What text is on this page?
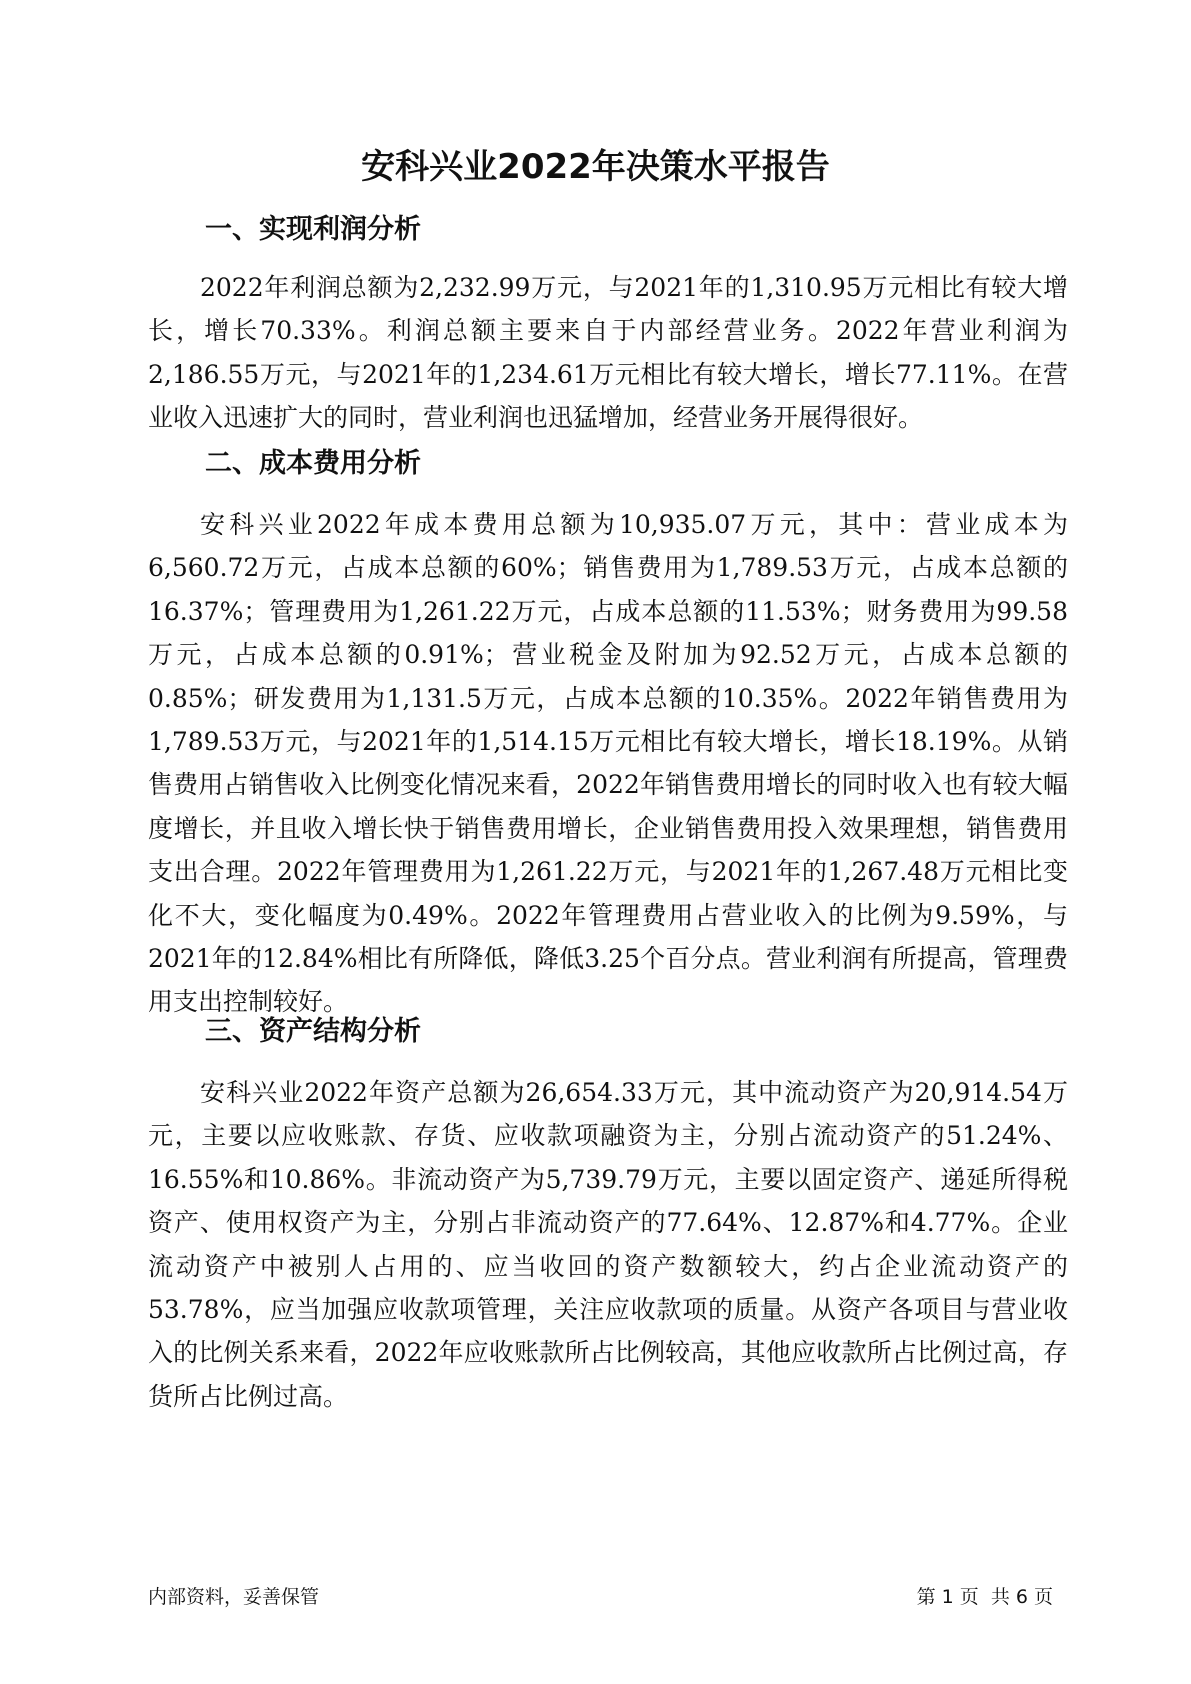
安科兴业2022年决策水平报告
一、实现利润分析

2022年利润总额为2,232.99万元，与2021年的1,310.95万元相比有较大增长，增长70.33%。利润总额主要来自于内部经营业务。2022年营业利润为2,186.55万元，与2021年的1,234.61万元相比有较大增长，增长77.11%。在营业收入迅速扩大的同时，营业利润也迅猛增加，经营业务开展得很好。

二、成本费用分析

安科兴业2022年成本费用总额为10,935.07万元，其中：营业成本为6,560.72万元，占成本总额的60%；销售费用为1,789.53万元，占成本总额的16.37%；管理费用为1,261.22万元，占成本总额的11.53%；财务费用为99.58万元，占成本总额的0.91%；营业税金及附加为92.52万元，占成本总额的0.85%；研发费用为1,131.5万元，占成本总额的10.35%。2022年销售费用为1,789.53万元，与2021年的1,514.15万元相比有较大增长，增长18.19%。从销售费用占销售收入比例变化情况来看，2022年销售费用增长的同时收入也有较大幅度增长，并且收入增长快于销售费用增长，企业销售费用投入效果理想，销售费用支出合理。2022年管理费用为1,261.22万元，与2021年的1,267.48万元相比变化不大，变化幅度为0.49%。2022年管理费用占营业收入的比例为9.59%，与2021年的12.84%相比有所降低，降低3.25个百分点。营业利润有所提高，管理费用支出控制较好。

三、资产结构分析

安科兴业2022年资产总额为26,654.33万元，其中流动资产为20,914.54万元，主要以应收账款、存货、应收款项融资为主，分别占流动资产的51.24%、16.55%和10.86%。非流动资产为5,739.79万元，主要以固定资产、递延所得税资产、使用权资产为主，分别占非流动资产的77.64%、12.87%和4.77%。企业流动资产中被别人占用的、应当收回的资产数额较大，约占企业流动资产的53.78%，应当加强应收款项管理，关注应收款项的质量。从资产各项目与营业收入的比例关系来看，2022年应收账款所占比例较高，其他应收款所占比例过高，存货所占比例过高。

内部资料，妥善保管	第 1 页  共 6 页
